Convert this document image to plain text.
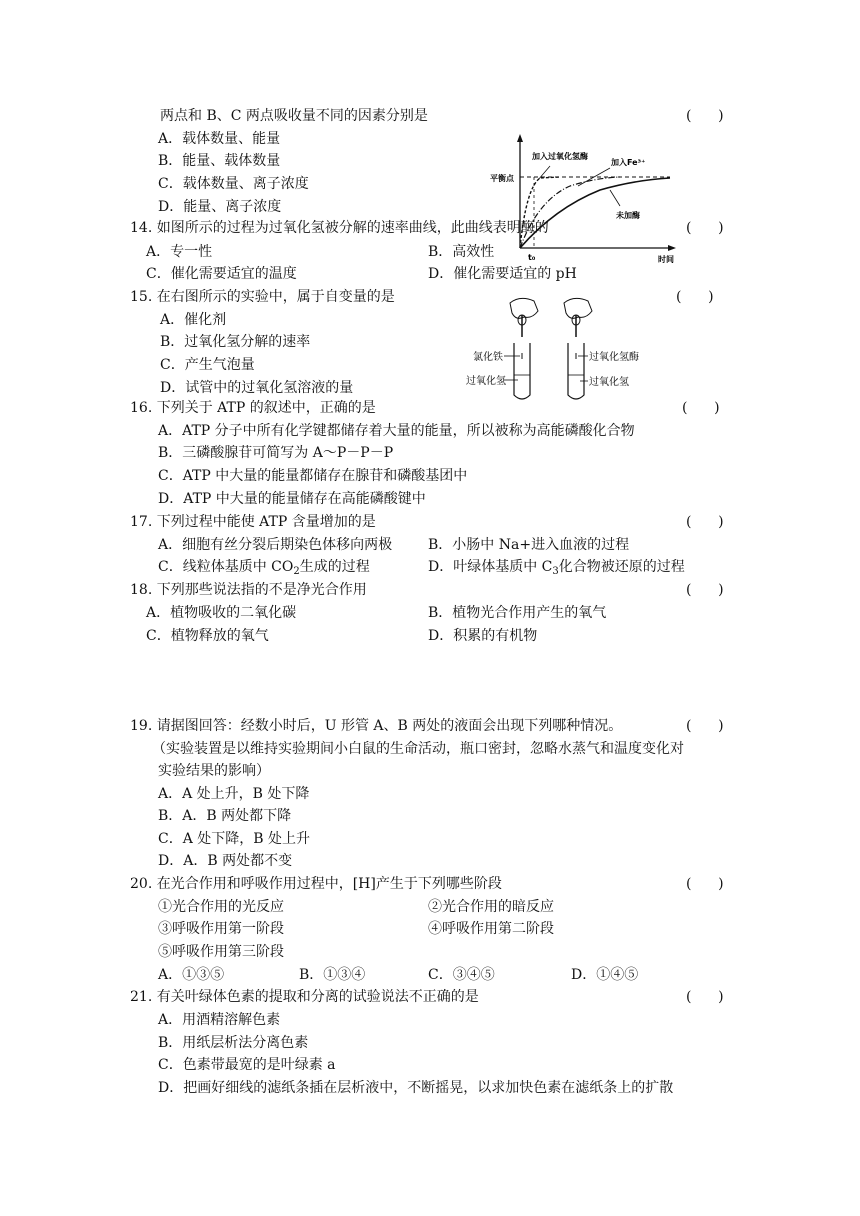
两点和 B、C 两点吸收量不同的因素分别是	(      )
A．载体数量、能量
B．能量、载体数量
C．载体数量、离子浓度
D．能量、离子浓度
平衡点
加入过氧化氢酶
加入Fe³⁺
未加酶
t₀	时间
14. 如图所示的过程为过氧化氢被分解的速率曲线，此曲线表明酶的	(      )
A．专一性	B．高效性
C．催化需要适宜的温度	D．催化需要适宜的 pH
15. 在右图所示的实验中，属于自变量的是	(      )
A．催化剂
B．过氧化氢分解的速率
C．产生气泡量
D．试管中的过氧化氢溶液的量
氯化铁
过氧化氢
过氧化氢酶
过氧化氢
16. 下列关于 ATP 的叙述中，正确的是	(      )
A．ATP 分子中所有化学键都储存着大量的能量，所以被称为高能磷酸化合物
B．三磷酸腺苷可简写为 A～P－P－P
C．ATP 中大量的能量都储存在腺苷和磷酸基团中
D．ATP 中大量的能量储存在高能磷酸键中
17. 下列过程中能使 ATP 含量增加的是	(      )
A．细胞有丝分裂后期染色体移向两极	B．小肠中 Na+进入血液的过程
C．线粒体基质中 $CO_2$生成的过程	D．叶绿体基质中 $C_3$化合物被还原的过程
18. 下列那些说法指的不是净光合作用	(      )
A．植物吸收的二氧化碳	B．植物光合作用产生的氧气
C．植物释放的氧气	D．积累的有机物
19. 请据图回答：经数小时后，U 形管 A、B 两处的液面会出现下列哪种情况。	(      )
（实验装置是以维持实验期间小白鼠的生命活动，瓶口密封，忽略水蒸气和温度变化对
实验结果的影响）
A．A 处上升，B 处下降
B．A．B 两处都下降
C．A 处下降，B 处上升
D．A．B 两处都不变
20. 在光合作用和呼吸作用过程中，[H]产生于下列哪些阶段	(      )
①光合作用的光反应	②光合作用的暗反应
③呼吸作用第一阶段	④呼吸作用第二阶段
⑤呼吸作用第三阶段
A．①③⑤	B．①③④	C．③④⑤	D．①④⑤
21. 有关叶绿体色素的提取和分离的试验说法不正确的是	(      )
A．用酒精溶解色素
B．用纸层析法分离色素
C．色素带最宽的是叶绿素 a
D．把画好细线的滤纸条插在层析液中，不断摇晃，以求加快色素在滤纸条上的扩散
